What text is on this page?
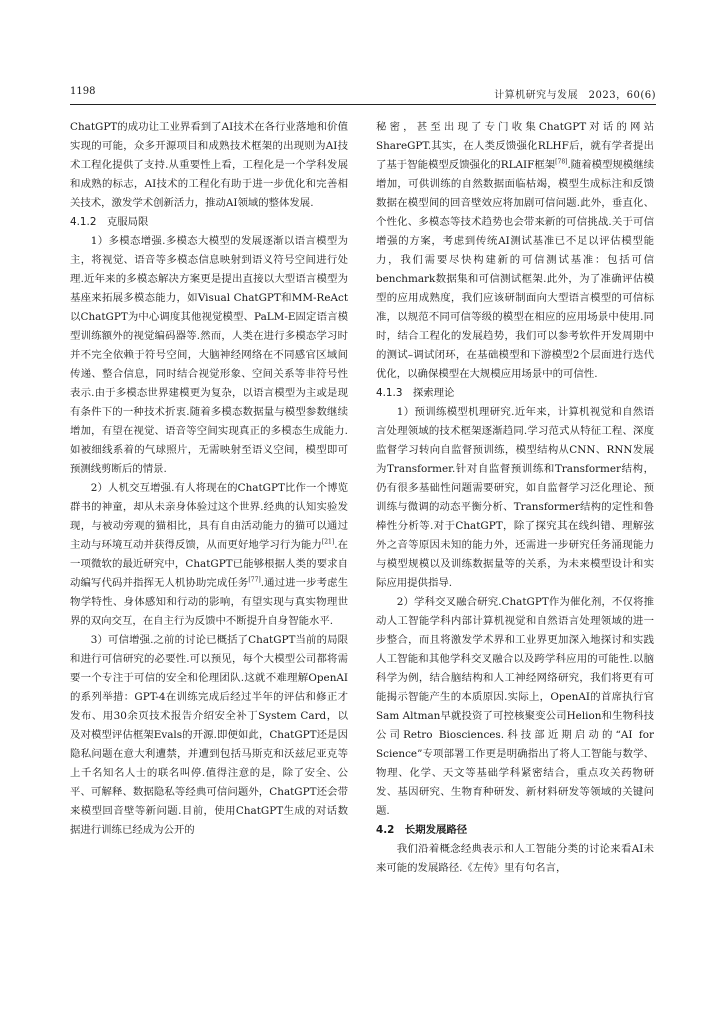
1198	计算机研究与发展　2023，60(6)

ChatGPT的成功让工业界看到了AI技术在各行业落地和价值实现的可能，众多开源项目和成熟技术框架的出现则为AI技术工程化提供了支持.从重要性上看，工程化是一个学科发展和成熟的标志，AI技术的工程化有助于进一步优化和完善相关技术，激发学术创新活力，推动AI领域的整体发展.

4.1.2　克服局限

1）多模态增强.多模态大模型的发展逐渐以语言模型为主，将视觉、语音等多模态信息映射到语义符号空间进行处理.近年来的多模态解决方案更是提出直接以大型语言模型为基座来拓展多模态能力，如Visual ChatGPT和MM-ReAct以ChatGPT为中心调度其他视觉模型、PaLM-E固定语言模型训练额外的视觉编码器等.然而，人类在进行多模态学习时并不完全依赖于符号空间，大脑神经网络在不同感官区域间传递、整合信息，同时结合视觉形象、空间关系等非符号性表示.由于多模态世界建模更为复杂，以语言模型为主或是现有条件下的一种技术折衷.随着多模态数据量与模型参数继续增加，有望在视觉、语音等空间实现真正的多模态生成能力.如被细线系着的气球照片，无需映射至语义空间，模型即可预测线剪断后的情景.

2）人机交互增强.有人将现在的ChatGPT比作一个博览群书的神童，却从未亲身体验过这个世界.经典的认知实验发现，与被动旁观的猫相比，具有自由活动能力的猫可以通过主动与环境互动并获得反馈，从而更好地学习行为能力[21].在一项微软的最近研究中，ChatGPT已能够根据人类的要求自动编写代码并指挥无人机协助完成任务[77].通过进一步考虑生物学特性、身体感知和行动的影响，有望实现与真实物理世界的双向交互，在自主行为反馈中不断提升自身智能水平.

3）可信增强.之前的讨论已概括了ChatGPT当前的局限和进行可信研究的必要性.可以预见，每个大模型公司都将需要一个专注于可信的安全和伦理团队.这就不难理解OpenAI的系列举措：GPT-4在训练完成后经过半年的评估和修正才发布、用30余页技术报告介绍安全补丁System Card，以及对模型评估框架Evals的开源.即便如此，ChatGPT还是因隐私问题在意大利遭禁，并遭到包括马斯克和沃兹尼亚克等上千名知名人士的联名叫停.值得注意的是，除了安全、公平、可解释、数据隐私等经典可信问题外，ChatGPT还会带来模型回音壁等新问题.目前，使用ChatGPT生成的对话数据进行训练已经成为公开的

秘密，甚至出现了专门收集ChatGPT对话的网站ShareGPT.其实，在人类反馈强化RLHF后，就有学者提出了基于智能模型反馈强化的RLAIF框架[78].随着模型规模继续增加，可供训练的自然数据面临枯竭，模型生成标注和反馈数据在模型间的回音壁效应将加剧可信问题.此外，垂直化、个性化、多模态等技术趋势也会带来新的可信挑战.关于可信增强的方案，考虑到传统AI测试基准已不足以评估模型能力，我们需要尽快构建新的可信测试基准：包括可信benchmark数据集和可信测试框架.此外，为了准确评估模型的应用成熟度，我们应该研制面向大型语言模型的可信标准，以规范不同可信等级的模型在相应的应用场景中使用.同时，结合工程化的发展趋势，我们可以参考软件开发周期中的测试–调试闭环，在基础模型和下游模型2个层面进行迭代优化，以确保模型在大规模应用场景中的可信性.

4.1.3　探索理论

1）预训练模型机理研究.近年来，计算机视觉和自然语言处理领域的技术框架逐渐趋同.学习范式从特征工程、深度监督学习转向自监督预训练，模型结构从CNN、RNN发展为Transformer.针对自监督预训练和Transformer结构，仍有很多基础性问题需要研究，如自监督学习泛化理论、预训练与微调的动态平衡分析、Transformer结构的定性和鲁棒性分析等.对于ChatGPT，除了探究其在线纠错、理解弦外之音等原因未知的能力外，还需进一步研究任务涌现能力与模型规模以及训练数据量等的关系，为未来模型设计和实际应用提供指导.

2）学科交叉融合研究.ChatGPT作为催化剂，不仅将推动人工智能学科内部计算机视觉和自然语言处理领域的进一步整合，而且将激发学术界和工业界更加深入地探讨和实践人工智能和其他学科交叉融合以及跨学科应用的可能性.以脑科学为例，结合脑结构和人工神经网络研究，我们将更有可能揭示智能产生的本质原因.实际上，OpenAI的首席执行官Sam Altman早就投资了可控核聚变公司Helion和生物科技公司Retro Biosciences.科技部近期启动的“AI for Science”专项部署工作更是明确指出了将人工智能与数学、物理、化学、天文等基础学科紧密结合，重点攻关药物研发、基因研究、生物育种研发、新材料研发等领域的关键问题.

4.2　长期发展路径

我们沿着概念经典表示和人工智能分类的讨论来看AI未来可能的发展路径.《左传》里有句名言，
